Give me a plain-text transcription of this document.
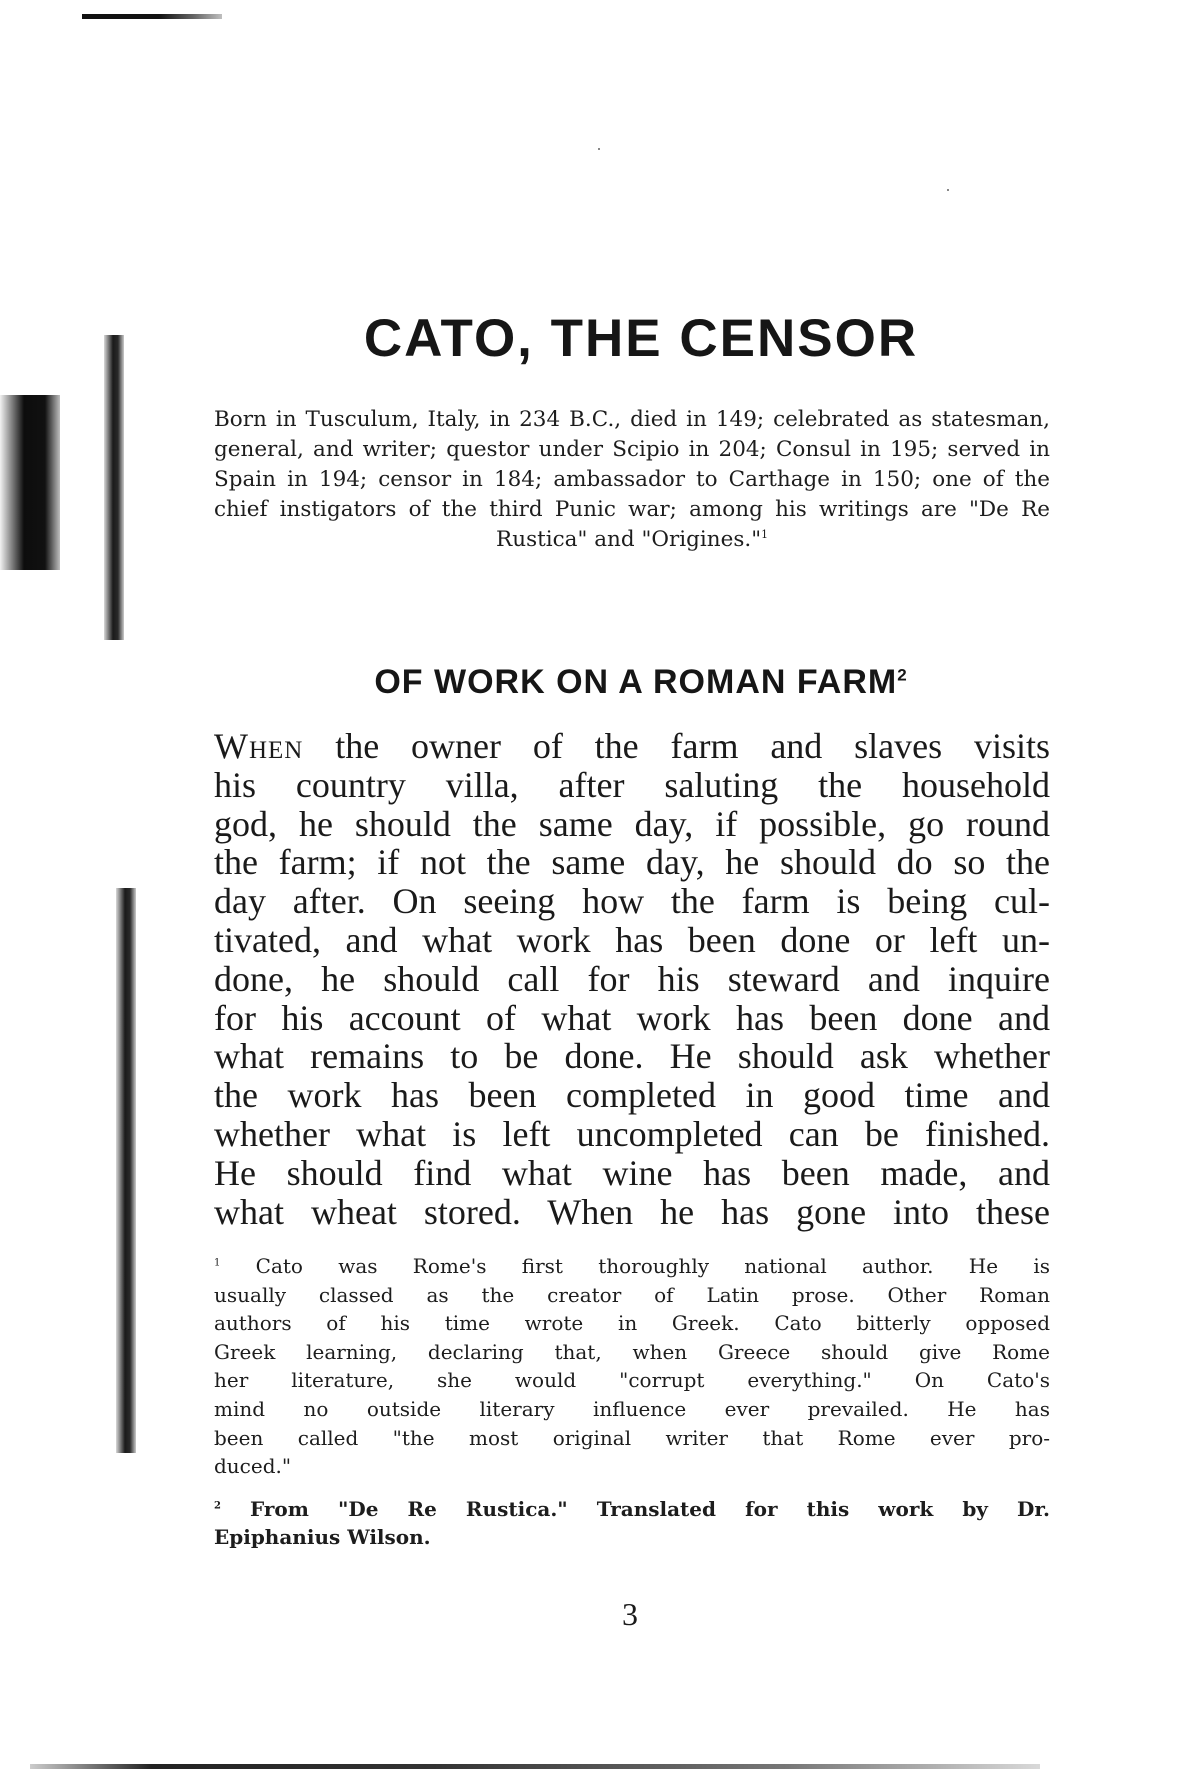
CATO, THE CENSOR
Born in Tusculum, Italy, in 234 B.C., died in 149; celebrated as statesman, general, and writer; questor under Scipio in 204; Consul in 195; served in Spain in 194; censor in 184; ambassador to Carthage in 150; one of the chief instigators of the third Punic war; among his writings are "De Re Rustica" and "Origines."$^1$
OF WORK ON A ROMAN FARM$^2$
When the owner of the farm and slaves visits
his country villa, after saluting the household
god, he should the same day, if possible, go round
the farm; if not the same day, he should do so the
day after. On seeing how the farm is being cul-
tivated, and what work has been done or left un-
done, he should call for his steward and inquire
for his account of what work has been done and
what remains to be done. He should ask whether
the work has been completed in good time and
whether what is left uncompleted can be finished.
He should find what wine has been made, and
what wheat stored. When he has gone into these
$^1$ Cato was Rome's first thoroughly national author. He is
usually classed as the creator of Latin prose. Other Roman
authors of his time wrote in Greek. Cato bitterly opposed
Greek learning, declaring that, when Greece should give Rome
her literature, she would "corrupt everything." On Cato's
mind no outside literary influence ever prevailed. He has
been called "the most original writer that Rome ever pro-
duced."
$^2$ From "De Re Rustica." Translated for this work by Dr.
Epiphanius Wilson.
3
